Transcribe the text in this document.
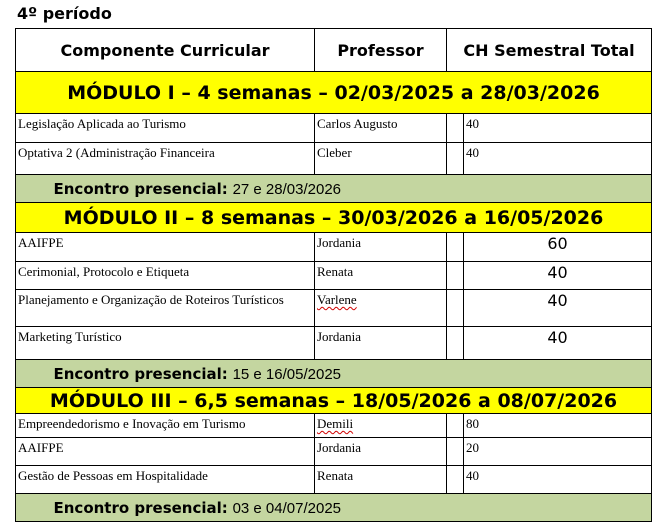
4º período
Componente Curricular		Professor	CH Semestral Total	
MÓDULO I – 4 semanas – 02/03/2025 a 28/03/2026				
Legislação Aplicada ao Turismo		Carlos Augusto		40
Optativa 2 (Administração Financeira		Cleber		40
	Encontro presencial: 27 e 28/03/2026			
MÓDULO II – 8 semanas – 30/03/2026 a 16/05/2026				
AAIFPE		Jordania		60
Cerimonial, Protocolo e Etiqueta		Renata		40
Planejamento e Organização de Roteiros Turísticos		Varlene		40
Marketing Turístico		Jordania		40
	Encontro presencial: 15 e 16/05/2025			
MÓDULO III – 6,5 semanas – 18/05/2026 a 08/07/2026				
Empreendedorismo e Inovação em Turismo		Demili		80
AAIFPE		Jordania		20
Gestão de Pessoas em Hospitalidade		Renata		40
	Encontro presencial: 03 e 04/07/2025			
